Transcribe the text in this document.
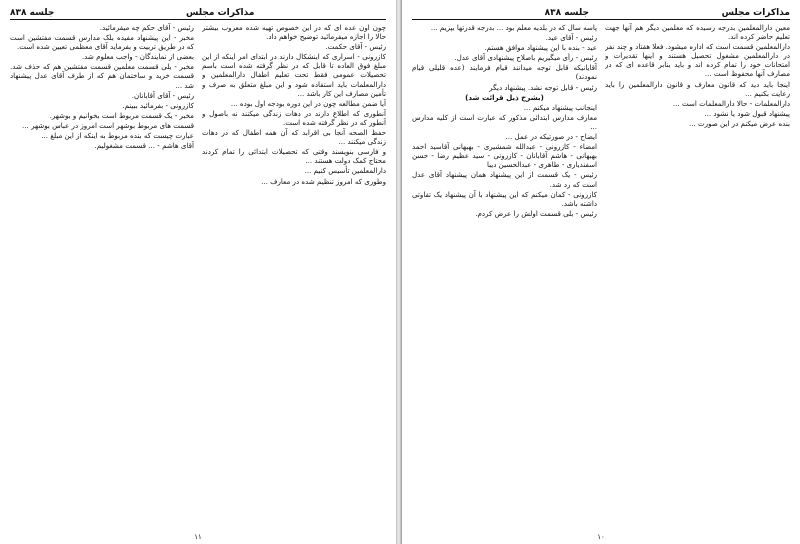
جلسه ۸۳۸	مذاکرات مجلس

چون اون عده ای که در این خصوص تهیه شده معروب بیشتر حالا را اجازه میفرمائید توضیح خواهم داد.

رئیس - آقای حکمت.

کازرونی - اسراری که اینشکال دارند در ابتدای امر اینکه از این مبلغ فوق العاده تا قابل که در نظر گرفته شده است باسم تحصیلات عمومی فقط تحت تعلیم اطفال دارالمعلمین و دارالمعلمات باید استفاده شود و این مبلغ متعلق به صرف و تأمین مصارف این کار باشد ...

آیا ضمن مطالعه چون در این دوره بودجه اول بوده ...

آنطوری که اطلاع دارند در دهات زندگی میکنند نه باصول و آنطور که در نظر گرفته شده است.

حفظ الصحه آنجا بی اقرابد که آن همه اطفال که در دهات زندگی میکنند ...

و فارسی بنویسند وقتی که تحصیلات ابتدائی را تمام کردند محتاج کمک دولت هستند ...

دارالمعلمین تأسیس کنیم ...

وطوری که امروز تنظیم شده در معارف ...

رئیس - آقای حکم چه میفرمائید.

مخبر - این پیشنهاد مفیده بلک مدارس قسمت مفتشین است که در طریق تربیت و بفرماید آقای معظمی تعیین شده است.

بعضی از نمایندگان - واجب معلوم شد.

مخبر - بلی قسمت معلمین قسمت مفتشین هم که حذف شد. قسمت خرید و ساختمان هم که از طرف آقای عدل پیشنهاد شد ...

رئیس - آقای آقابانان.

کازرونی - بفرمائید ببینم.

مخبر - یک قسمت مربوط است بخوانیم و بوشهر.

قسمت های مربوط بوشهر است امروز در عباس بوشهر ...

عبارت چیست که بنده مربوط به اینکه از این مبلغ ...

آقای هاشم - ... قسمت مشغولیم.

۱۱
جلسه ۸۳۸	مذاکرات مجلس

معین دارالمعلمین بدرجه رسیده که معلمین دیگر هم آنها جهت تعلیم حاضر کرده اند.

دارالمعلمین قسمت است که اداره میشود. فعلا هفتاد و چند نفر در دارالمعلمین مشغول تحصیل هستند و اینها تقدیرات و امتحانات خود را تمام کرده اند و باید بنابر قاعده ای که در مصارف آنها محفوظ است ...

اینجا باید دید که قانون معارف و قانون دارالمعلمین را باید رعایت بکنیم ...

دارالمعلمات - حالا دارالمعلمات است ...

پیشنهاد قبول شود یا نشود ...

بنده عرض میکنم در این صورت ...

پاسه سال که در بلدیه معلم بود ... بدرجه قدرتها بپزیم ...

رئیس - آقای عید.

عید - بنده با این پیشنهاد موافق هستم.

رئیس - رأی میگیریم باصلاح پیشنهادی آقای عدل.

آقایانیکه قابل توجه میدانند قیام فرمایند (عده قلیلی قیام نمودند)

رئیس - قابل توجه نشد. پیشنهاد دیگر

(بشرح ذیل قرائت شد)

اینجانب پیشنهاد میکنم ...

معارف مدارس ابتدائی مذکور که عبارت است از کلیه مدارس ...

ایضاح - در صورتیکه در عمل ...

امضاء - کازرونی - عبدالله شمشیری - بهبهانی آقاسید احمد بهبهانی - هاشم آقابانان - کازرونی - سید عظیم رضا - حسن اسفندیاری - طاهری - عبدالحسین دیبا

رئیس - یک قسمت از این پیشنهاد همان پیشنهاد آقای عدل است که رد شد.

کازرونی - کمان میکنم که این پیشنهاد با آن پیشنهاد یک تفاوتی داشته باشد.

رئیس - بلی قسمت اولش را عرض کردم.

۱۰
